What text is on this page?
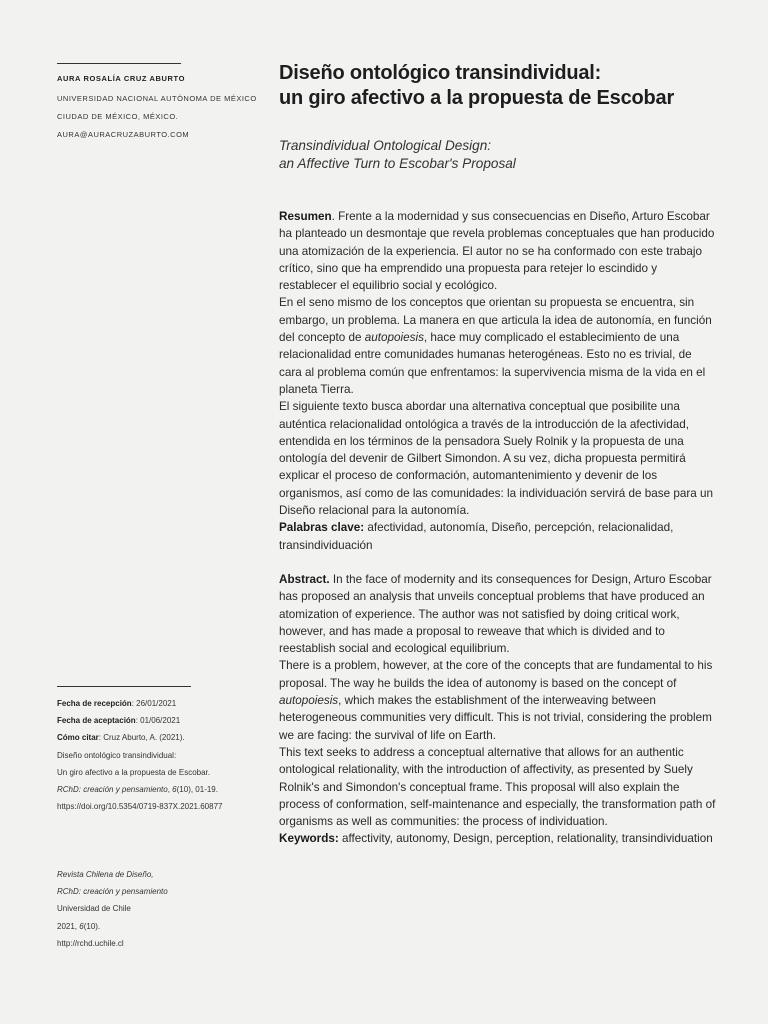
AURA ROSALÍA CRUZ ABURTO
UNIVERSIDAD NACIONAL AUTÓNOMA DE MÉXICO
CIUDAD DE MÉXICO, MÉXICO.
AURA@AURACRUZABURTO.COM
Diseño ontológico transindividual:
un giro afectivo a la propuesta de Escobar
Transindividual Ontological Design:
an Affective Turn to Escobar's Proposal

Resumen. Frente a la modernidad y sus consecuencias en Diseño, Arturo Escobar ha planteado un desmontaje que revela problemas conceptuales que han producido una atomización de la experiencia. El autor no se ha conformado con este trabajo crítico, sino que ha emprendido una propuesta para retejer lo escindido y restablecer el equilibrio social y ecológico.

En el seno mismo de los conceptos que orientan su propuesta se encuentra, sin embargo, un problema. La manera en que articula la idea de autonomía, en función del concepto de autopoiesis, hace muy complicado el establecimiento de una relacionalidad entre comunidades humanas heterogéneas. Esto no es trivial, de cara al problema común que enfrentamos: la supervivencia misma de la vida en el planeta Tierra.

El siguiente texto busca abordar una alternativa conceptual que posibilite una auténtica relacionalidad ontológica a través de la introducción de la afectividad, entendida en los términos de la pensadora Suely Rolnik y la propuesta de una ontología del devenir de Gilbert Simondon. A su vez, dicha propuesta permitirá explicar el proceso de conformación, automantenimiento y devenir de los organismos, así como de las comunidades: la individuación servirá de base para un Diseño relacional para la autonomía.

Palabras clave: afectividad, autonomía, Diseño, percepción, relacionalidad, transindividuación

Abstract. In the face of modernity and its consequences for Design, Arturo Escobar has proposed an analysis that unveils conceptual problems that have produced an atomization of experience. The author was not satisfied by doing critical work, however, and has made a proposal to reweave that which is divided and to reestablish social and ecological equilibrium.

There is a problem, however, at the core of the concepts that are fundamental to his proposal. The way he builds the idea of autonomy is based on the concept of autopoiesis, which makes the establishment of the interweaving between heterogeneous communities very difficult. This is not trivial, considering the problem we are facing: the survival of life on Earth.

This text seeks to address a conceptual alternative that allows for an authentic ontological relationality, with the introduction of affectivity, as presented by Suely Rolnik's and Simondon's conceptual frame. This proposal will also explain the process of conformation, self-maintenance and especially, the transformation path of organisms as well as communities: the process of individuation.

Keywords: affectivity, autonomy, Design, perception, relationality, transindividuation

Fecha de recepción: 26/01/2021
Fecha de aceptación: 01/06/2021
Cómo citar: Cruz Aburto, A. (2021).
Diseño ontológico transindividual:
Un giro afectivo a la propuesta de Escobar.
RChD: creación y pensamiento, 6(10), 01-19.
https://doi.org/10.5354/0719-837X.2021.60877
Revista Chilena de Diseño,
RChD: creación y pensamiento
Universidad de Chile
2021, 6(10).
http://rchd.uchile.cl
